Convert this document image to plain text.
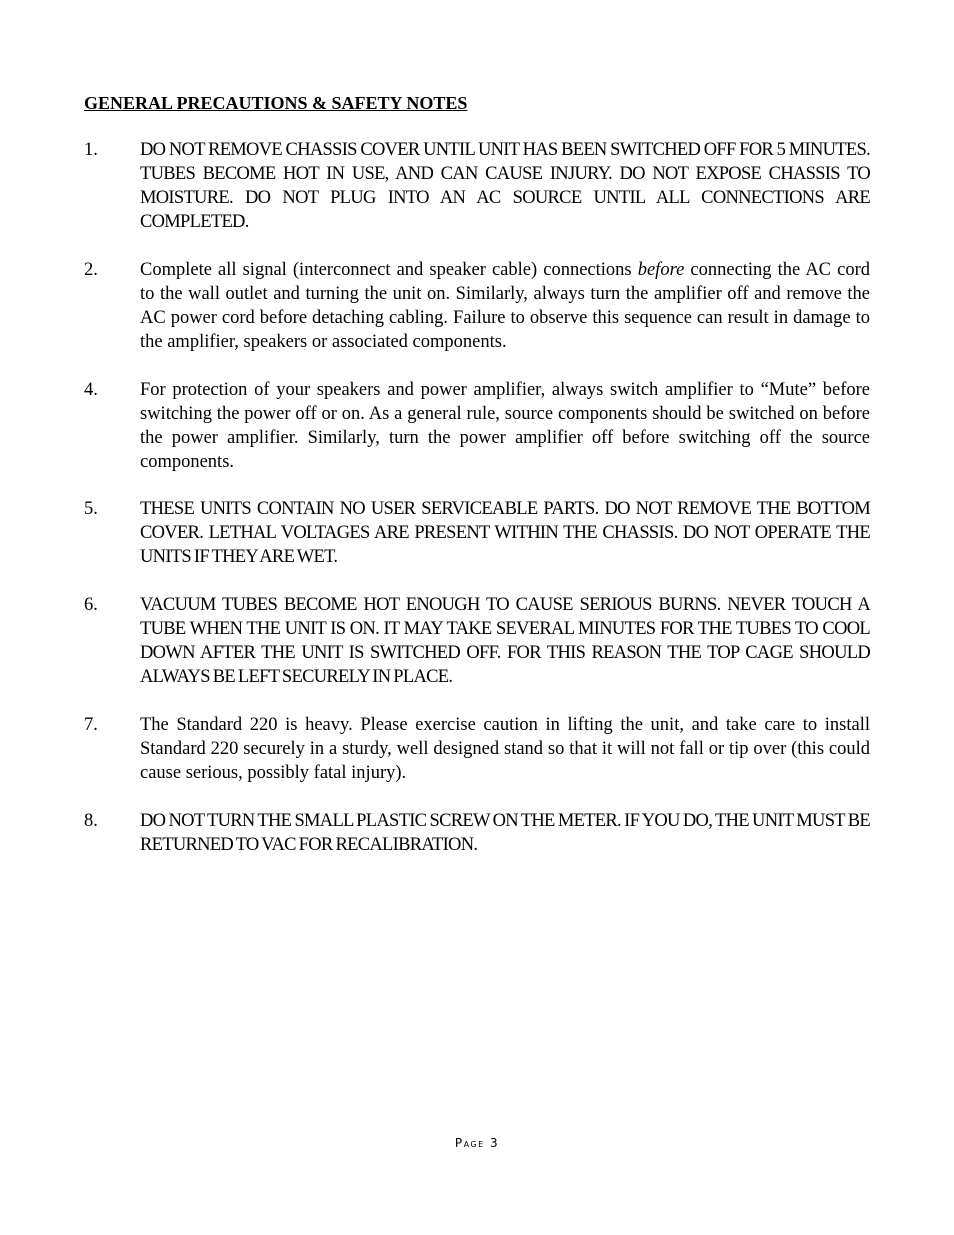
GENERAL PRECAUTIONS & SAFETY NOTES
1. DO NOT REMOVE CHASSIS COVER UNTIL UNIT HAS BEEN SWITCHED OFF FOR 5 MINUTES. TUBES BECOME HOT IN USE, AND CAN CAUSE INJURY. DO NOT EXPOSE CHASSIS TO MOISTURE. DO NOT PLUG INTO AN AC SOURCE UNTIL ALL CONNECTIONS ARE COMPLETED.
2. Complete all signal (interconnect and speaker cable) connections before connecting the AC cord to the wall outlet and turning the unit on. Similarly, always turn the amplifier off and remove the AC power cord before detaching cabling. Failure to observe this sequence can result in damage to the amplifier, speakers or associated components.
4. For protection of your speakers and power amplifier, always switch amplifier to “Mute” before switching the power off or on. As a general rule, source components should be switched on before the power amplifier. Similarly, turn the power amplifier off before switching off the source components.
5. THESE UNITS CONTAIN NO USER SERVICEABLE PARTS. DO NOT REMOVE THE BOTTOM COVER. LETHAL VOLTAGES ARE PRESENT WITHIN THE CHASSIS. DO NOT OPERATE THE UNITS IF THEY ARE WET.
6. VACUUM TUBES BECOME HOT ENOUGH TO CAUSE SERIOUS BURNS. NEVER TOUCH A TUBE WHEN THE UNIT IS ON. IT MAY TAKE SEVERAL MINUTES FOR THE TUBES TO COOL DOWN AFTER THE UNIT IS SWITCHED OFF. FOR THIS REASON THE TOP CAGE SHOULD ALWAYS BE LEFT SECURELY IN PLACE.
7. The Standard 220 is heavy. Please exercise caution in lifting the unit, and take care to install Standard 220 securely in a sturdy, well designed stand so that it will not fall or tip over (this could cause serious, possibly fatal injury).
8. DO NOT TURN THE SMALL PLASTIC SCREW ON THE METER. IF YOU DO, THE UNIT MUST BE  RETURNED TO VAC FOR RECALIBRATION.
Page 3
